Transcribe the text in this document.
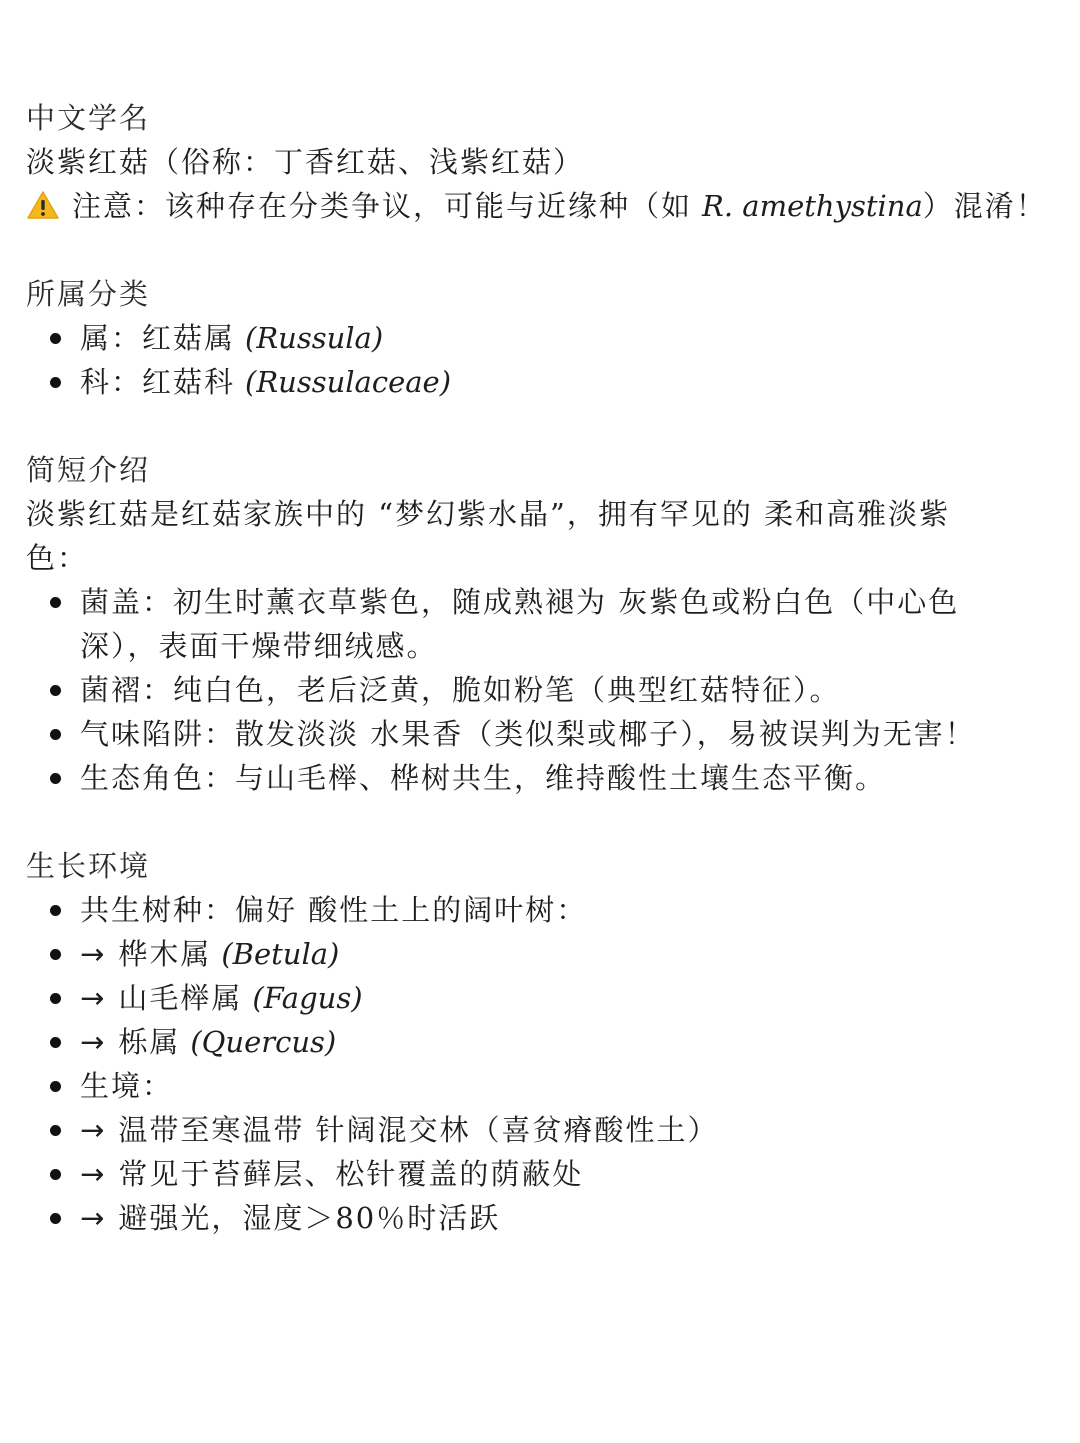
中文学名
淡紫红菇（俗称：丁香红菇、浅紫红菇）
注意：该种存在分类争议，可能与近缘种（如 R. amethystina）混淆！
所属分类
属：红菇属 (Russula)
科：红菇科 (Russulaceae)
简短介绍
淡紫红菇是红菇家族中的 “梦幻紫水晶”，拥有罕见的 柔和高雅淡紫色：
菌盖：初生时薰衣草紫色，随成熟褪为 灰紫色或粉白色（中心色深），表面干燥带细绒感。
菌褶：纯白色，老后泛黄，脆如粉笔（典型红菇特征）。
气味陷阱：散发淡淡 水果香（类似梨或椰子），易被误判为无害！
生态角色：与山毛榉、桦树共生，维持酸性土壤生态平衡。
生长环境
共生树种：偏好 酸性土上的阔叶树：
→ 桦木属 (Betula)
→ 山毛榉属 (Fagus)
→ 栎属 (Quercus)
生境：
→ 温带至寒温带 针阔混交林（喜贫瘠酸性土）
→ 常见于苔藓层、松针覆盖的荫蔽处
→ 避强光，湿度＞80％时活跃
